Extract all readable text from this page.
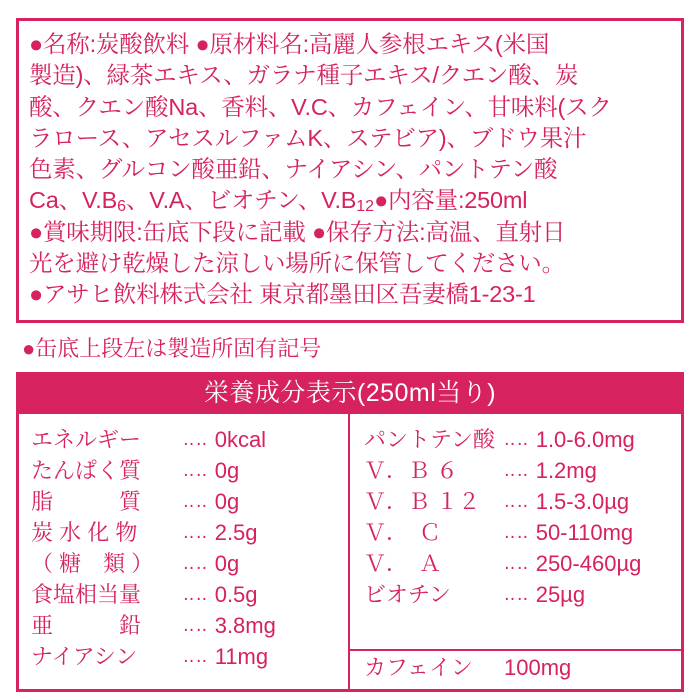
●名称:炭酸飲料 ●原材料名:高麗人参根エキス(米国
製造)、緑茶エキス、ガラナ種子エキス/クエン酸、炭
酸、クエン酸Na、香料、V.C、カフェイン、甘味料(スク
ラロース、アセスルファムK、ステビア)、ブドウ果汁
色素、グルコン酸亜鉛、ナイアシン、パントテン酸
Ca、V.B6、V.A、ビオチン、V.B12●内容量:250ml
●賞味期限:缶底下段に記載 ●保存方法:高温、直射日
光を避け乾燥した涼しい場所に保管してください。
●アサヒ飲料株式会社 東京都墨田区吾妻橋1-23-1
●缶底上段左は製造所固有記号
栄養成分表示(250ml当り)
エネルギー	‥‥ 0kcal
たんぱく質	‥‥ 0g
脂　　　質	‥‥ 0g
炭 水 化 物	‥‥ 2.5g
（ 糖　類 ）	‥‥ 0g
食塩相当量	‥‥ 0.5g
亜　　　鉛	‥‥ 3.8mg
ナイアシン	‥‥ 11mg
パントテン酸 ‥‥ 1.0-6.0mg
Ｖ．Ｂ ６	‥‥ 1.2mg
Ｖ．Ｂ １２	‥‥ 1.5-3.0µg
Ｖ．　Ｃ	‥‥ 50-110mg
Ｖ．　Ａ	‥‥ 250-460µg
ビオチン	‥‥ 25µg
カフェイン	100mg
